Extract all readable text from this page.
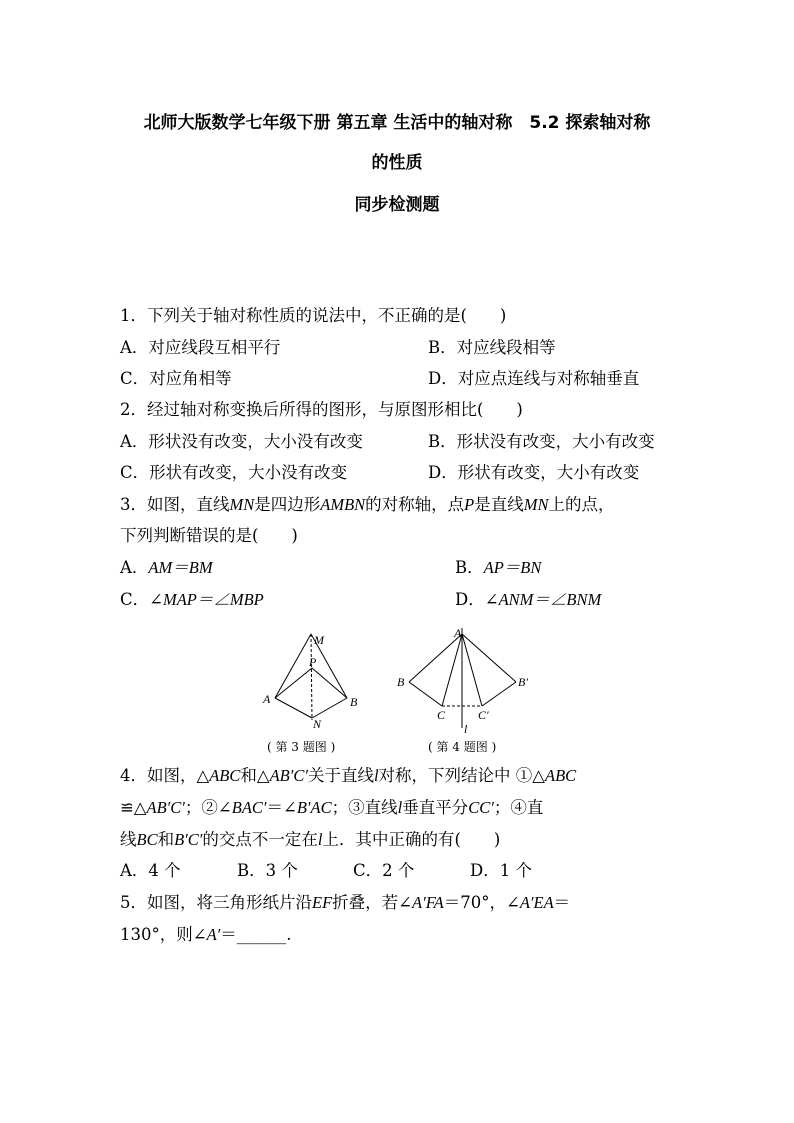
北师大版数学七年级下册 第五章 生活中的轴对称　5.2 探索轴对称
的性质
同步检测题
1．下列关于轴对称性质的说法中，不正确的是(　　)
A．对应线段互相平行	B．对应线段相等
C．对应角相等	D．对应点连线与对称轴垂直
2．经过轴对称变换后所得的图形，与原图形相比(　　)
A．形状没有改变，大小没有改变	B．形状没有改变，大小有改变
C．形状有改变，大小没有改变	D．形状有改变，大小有改变
3．如图，直线MN是四边形AMBN的对称轴，点P是直线MN上的点，
下列判断错误的是(　　)
A．AM＝BM	B．AP＝BN
C．∠MAP＝∠MBP	D．∠ANM＝∠BNM
M
P
A	B
N
( 第 3 题图 )
A
B
C	C′
B′
l
( 第 4 题图 )
4．如图，△ABC和△AB′C′关于直线l对称，下列结论中 ①△ABC
≌△AB′C′；②∠BAC′＝∠B′AC；③直线l垂直平分CC′；④直
线BC和B′C′的交点不一定在l上．其中正确的有(　　)
A．4 个	B．3 个	C．2 个	D．1 个
5．如图，将三角形纸片沿EF折叠，若∠A′FA＝70°，∠A′EA＝
130°，则∠A′＝______.
